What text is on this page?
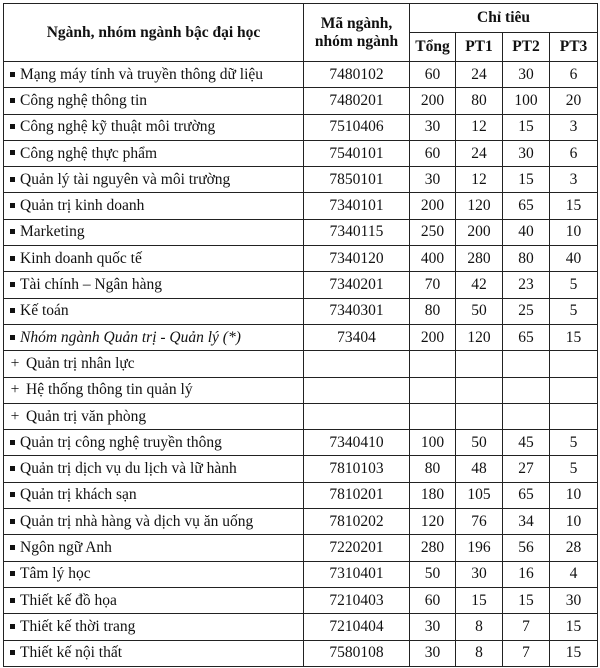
Ngành, nhóm ngành bậc đại học	Mã ngành, nhóm ngành	Chỉ tiêu			
		Tổng	PT1	PT2	PT3
Mạng máy tính và truyền thông dữ liệu	7480102	60	24	30	6
Công nghệ thông tin	7480201	200	80	100	20
Công nghệ kỹ thuật môi trường	7510406	30	12	15	3
Công nghệ thực phẩm	7540101	60	24	30	6
Quản lý tài nguyên và môi trường	7850101	30	12	15	3
Quản trị kinh doanh	7340101	200	120	65	15
Marketing	7340115	250	200	40	10
Kinh doanh quốc tế	7340120	400	280	80	40
Tài chính – Ngân hàng	7340201	70	42	23	5
Kế toán	7340301	80	50	25	5
Nhóm ngành Quản trị - Quản lý (*)	73404	200	120	65	15
+ Quản trị nhân lực					
+ Hệ thống thông tin quản lý					
+ Quản trị văn phòng					
Quản trị công nghệ truyền thông	7340410	100	50	45	5
Quản trị dịch vụ du lịch và lữ hành	7810103	80	48	27	5
Quản trị khách sạn	7810201	180	105	65	10
Quản trị nhà hàng và dịch vụ ăn uống	7810202	120	76	34	10
Ngôn ngữ Anh	7220201	280	196	56	28
Tâm lý học	7310401	50	30	16	4
Thiết kế đồ họa	7210403	60	15	15	30
Thiết kế thời trang	7210404	30	8	7	15
Thiết kế nội thất	7580108	30	8	7	15
